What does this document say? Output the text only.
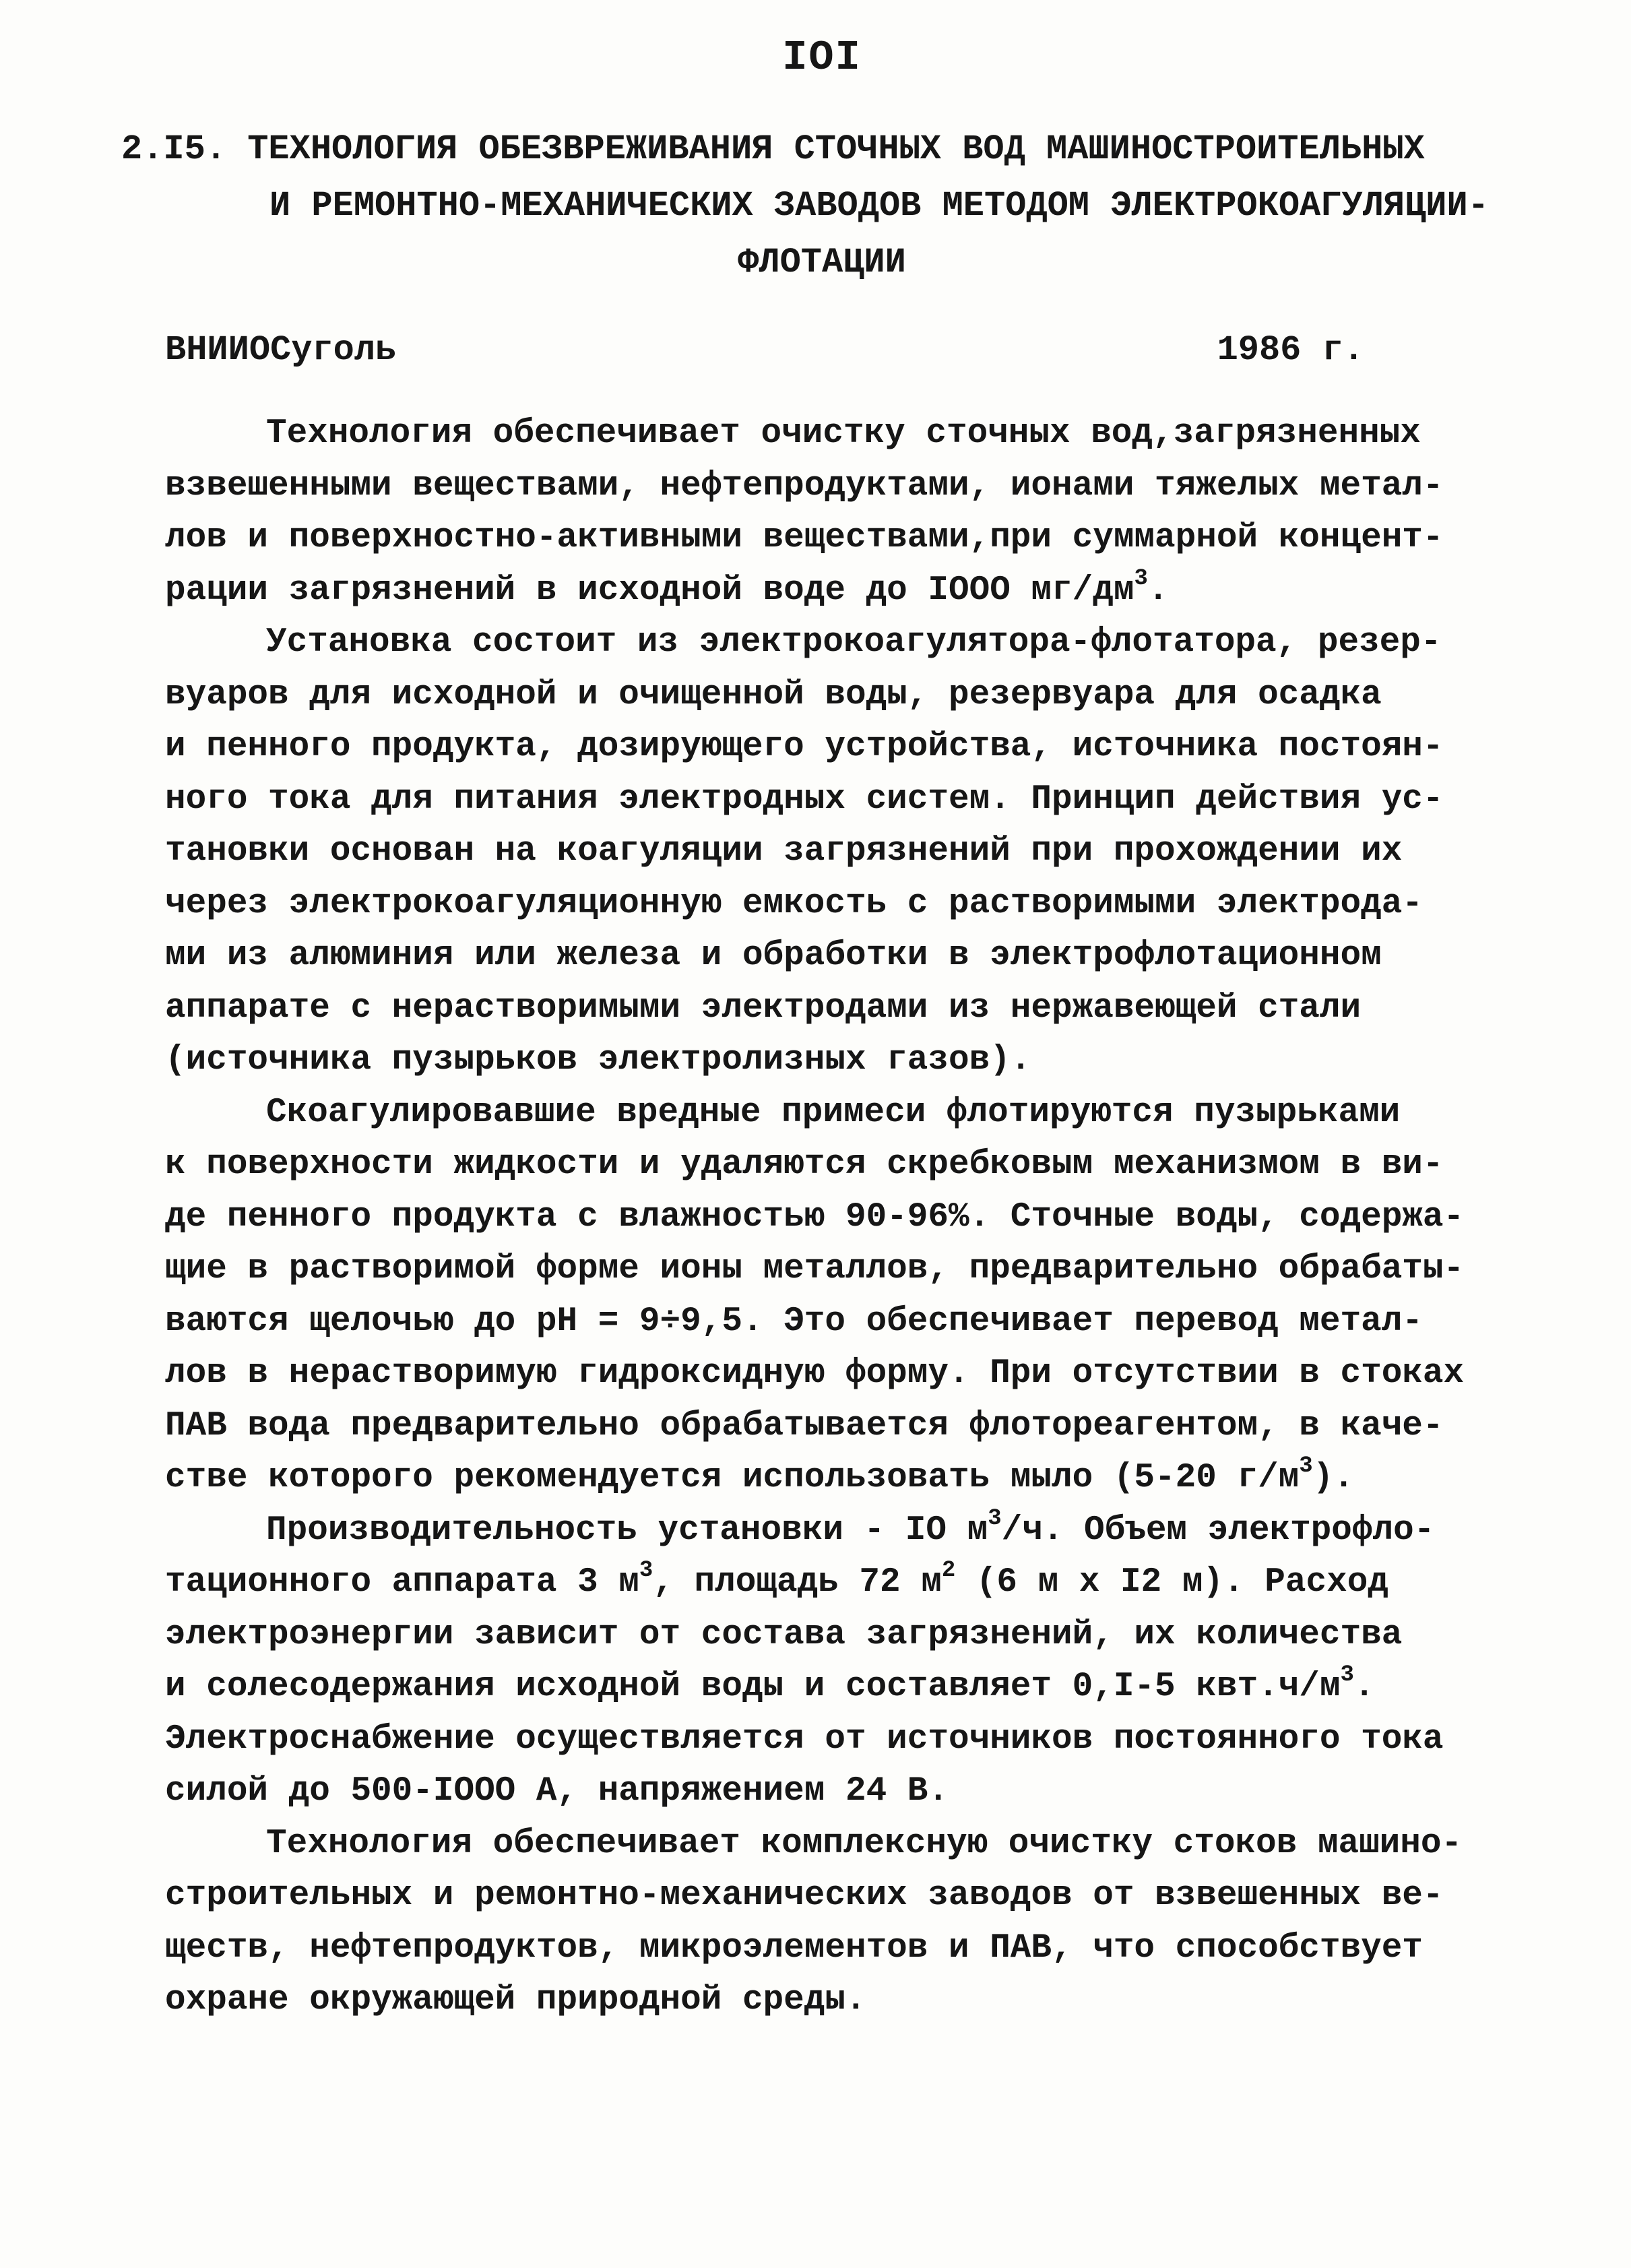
IOI
2.I5. ТЕХНОЛОГИЯ ОБЕЗВРЕЖИВАНИЯ СТОЧНЫХ ВОД МАШИНОСТРОИТЕЛЬНЫХ
И РЕМОНТНО-МЕХАНИЧЕСКИХ ЗАВОДОВ МЕТОДОМ ЭЛЕКТРОКОАГУЛЯЦИИ-
ФЛОТАЦИИ
ВНИИОСуголь	1986 г.

Технология обеспечивает очистку сточных вод,загрязненных
взвешенными веществами, нефтепродуктами, ионами тяжелых метал-
лов и поверхностно-активными веществами,при суммарной концент-
рации загрязнений в исходной воде до IOOO $мг/дм^3$.

Установка состоит из электрокоагулятора-флотатора, резер-
вуаров для исходной и очищенной воды, резервуара для осадка
и пенного продукта, дозирующего устройства, источника постоян-
ного тока для питания электродных систем. Принцип действия ус-
тановки основан на коагуляции загрязнений при прохождении их
через электрокоагуляционную емкость с растворимыми электрода-
ми из алюминия или железа и обработки в электрофлотационном
аппарате с нерастворимыми электродами из нержавеющей стали
(источника пузырьков электролизных газов).

Скоагулировавшие вредные примеси флотируются пузырьками
к поверхности жидкости и удаляются скребковым механизмом в ви-
де пенного продукта с влажностью 90-96%. Сточные воды, содержа-
щие в растворимой форме ионы металлов, предварительно обрабаты-
ваются щелочью до pH = 9÷9,5. Это обеспечивает перевод метал-
лов в нерастворимую гидроксидную форму. При отсутствии в стоках
ПАВ вода предварительно обрабатывается флотореагентом, в каче-
стве которого рекомендуется использовать мыло (5-20 $г/м^3$).

Производительность установки - IO $м^3/ч$. Объем электрофло-
тационного аппарата 3 $м^3$, площадь 72 $м^2$ (6 м x I2 м). Расход
электроэнергии зависит от состава загрязнений, их количества
и солесодержания исходной воды и составляет 0,I-5 $квт.ч/м^3$.
Электроснабжение осуществляется от источников постоянного тока
силой до 500-IOOO А, напряжением 24 В.

Технология обеспечивает комплексную очистку стоков машино-
строительных и ремонтно-механических заводов от взвешенных ве-
ществ, нефтепродуктов, микроэлементов и ПАВ, что способствует
охране окружающей природной среды.
